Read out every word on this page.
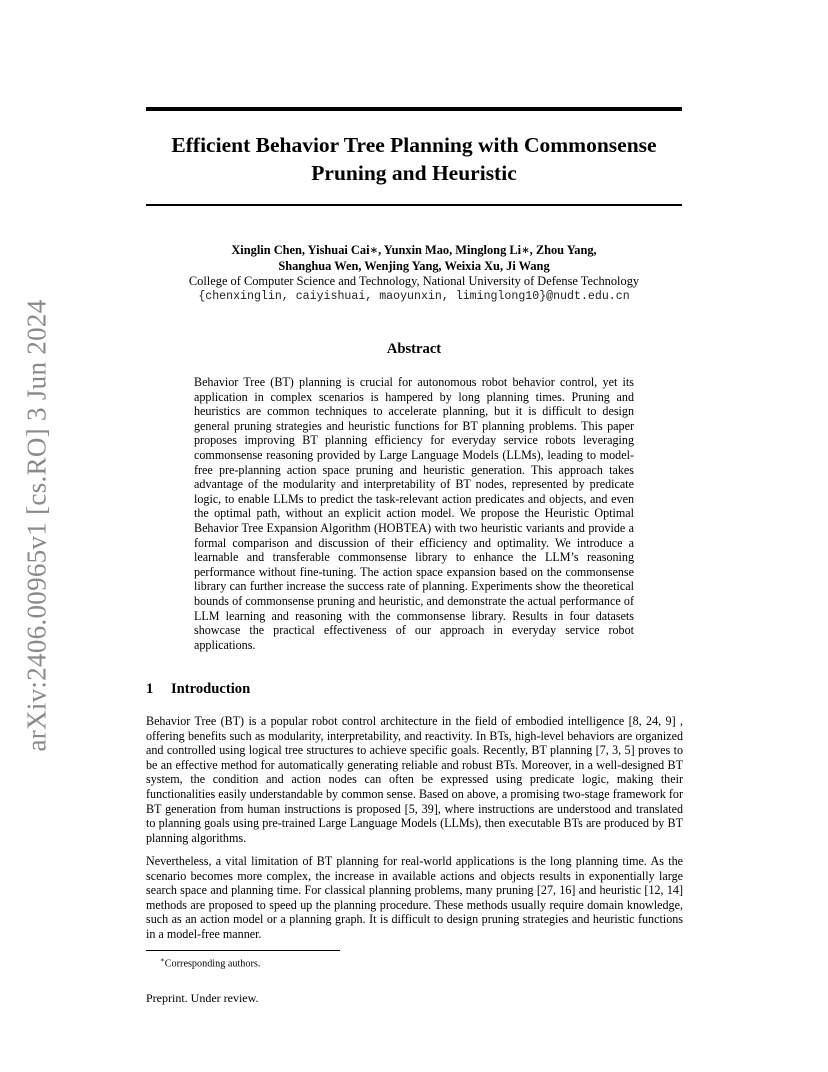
arXiv:2406.00965v1 [cs.RO] 3 Jun 2024
Efficient Behavior Tree Planning with Commonsense Pruning and Heuristic
Xinglin Chen, Yishuai Cai∗, Yunxin Mao, Minglong Li∗, Zhou Yang,
Shanghua Wen, Wenjing Yang, Weixia Xu, Ji Wang
College of Computer Science and Technology, National University of Defense Technology
{chenxinglin, caiyishuai, maoyunxin, liminglong10}@nudt.edu.cn
Abstract

Behavior Tree (BT) planning is crucial for autonomous robot behavior control, yet its application in complex scenarios is hampered by long planning times. Pruning and heuristics are common techniques to accelerate planning, but it is difficult to design general pruning strategies and heuristic functions for BT planning problems. This paper proposes improving BT planning efficiency for everyday service robots leveraging commonsense reasoning provided by Large Language Models (LLMs), leading to model-free pre-planning action space pruning and heuristic generation. This approach takes advantage of the modularity and interpretability of BT nodes, represented by predicate logic, to enable LLMs to predict the task-relevant action predicates and objects, and even the optimal path, without an explicit action model. We propose the Heuristic Optimal Behavior Tree Expansion Algorithm (HOBTEA) with two heuristic variants and provide a formal comparison and discussion of their efficiency and optimality. We introduce a learnable and transferable commonsense library to enhance the LLM’s reasoning performance without fine-tuning. The action space expansion based on the commonsense library can further increase the success rate of planning. Experiments show the theoretical bounds of commonsense pruning and heuristic, and demonstrate the actual performance of LLM learning and reasoning with the commonsense library. Results in four datasets showcase the practical effectiveness of our approach in everyday service robot applications.

1 Introduction

Behavior Tree (BT) is a popular robot control architecture in the field of embodied intelligence [8, 24, 9] , offering benefits such as modularity, interpretability, and reactivity. In BTs, high-level behaviors are organized and controlled using logical tree structures to achieve specific goals. Recently, BT planning [7, 3, 5] proves to be an effective method for automatically generating reliable and robust BTs. Moreover, in a well-designed BT system, the condition and action nodes can often be expressed using predicate logic, making their functionalities easily understandable by common sense. Based on above, a promising two-stage framework for BT generation from human instructions is proposed [5, 39], where instructions are understood and translated to planning goals using pre-trained Large Language Models (LLMs), then executable BTs are produced by BT planning algorithms.

Nevertheless, a vital limitation of BT planning for real-world applications is the long planning time. As the scenario becomes more complex, the increase in available actions and objects results in exponentially large search space and planning time. For classical planning problems, many pruning [27, 16] and heuristic [12, 14] methods are proposed to speed up the planning procedure. These methods usually require domain knowledge, such as an action model or a planning graph. It is difficult to design pruning strategies and heuristic functions in a model-free manner.

∗Corresponding authors.
Preprint. Under review.
